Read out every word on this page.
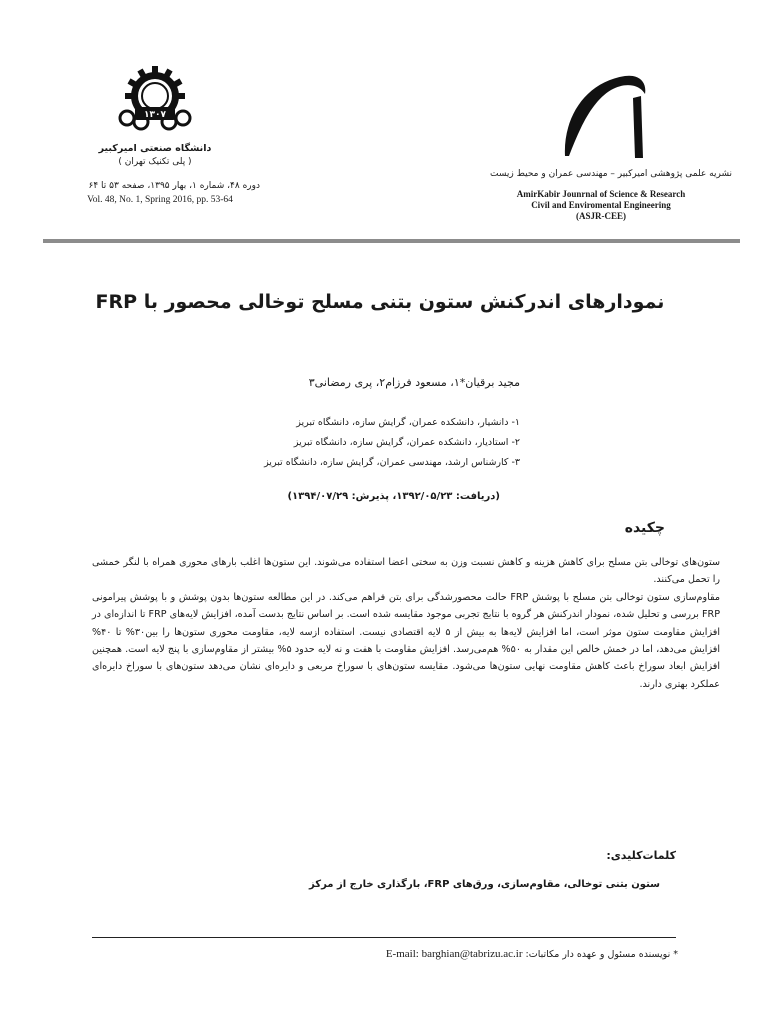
۱۳۰۷
دانشگاه صنعتی امیرکبیر
( پلی تکنیک تهران )
دوره ۴۸، شماره ۱، بهار ۱۳۹۵، صفحه ۵۳ تا ۶۴
Vol. 48, No. 1, Spring 2016, pp. 53-64
نشریه علمی پژوهشی امیرکبیر – مهندسی عمران و محیط زیست
AmirKabir Jounrnal of Science & Research
Civil and Enviromental Engineering
(ASJR-CEE)
نمودارهای اندرکنش ستون بتنی مسلح توخالی محصور با FRP
مجید برقیان*۱، مسعود فرزام۲، پری رمضانی۳
۱- دانشیار، دانشکده عمران، گرایش سازه، دانشگاه تبریز
۲- استادیار، دانشکده عمران، گرایش سازه، دانشگاه تبریز
۳- کارشناس ارشد، مهندسی عمران، گرایش سازه، دانشگاه تبریز
(دریافت: ۱۳۹۲/۰۵/۲۳، پذیرش: ۱۳۹۴/۰۷/۲۹)
چکیده

ستون‌های توخالی بتن مسلح برای کاهش هزینه و کاهش نسبت وزن به سختی اعضا استفاده می‌شوند. این ستون‌ها اغلب بارهای محوری همراه با لنگر خمشی را تحمل می‌کنند.

مقاوم‌سازی ستون توخالی بتن مسلح با پوشش FRP حالت محصورشدگی برای بتن فراهم می‌کند. در این مطالعه ستون‌ها بدون پوشش و با پوشش پیرامونی FRP بررسی و تحلیل شده، نمودار اندرکنش هر گروه با نتایج تجربی موجود مقایسه شده است. بر اساس نتایج بدست آمده، افزایش لایه‌های FRP تا اندازه‌ای در افزایش مقاومت ستون موثر است، اما افزایش لایه‌ها به بیش از ۵ لایه اقتصادی نیست. استفاده ازسه لایه، مقاومت محوری ستون‌ها را بین۳۰% تا ۴۰% افزایش می‌دهد، اما در خمش خالص این مقدار به ۵۰% هم‌می‌رسد. افزایش مقاومت با هفت و نه لایه حدود ۵% بیشتر از مقاوم‌سازی با پنج لایه است. همچنین افزایش ابعاد سوراخ باعث کاهش مقاومت نهایی ستون‌ها می‌شود. مقایسه ستون‌های با سوراخ مربعی و دایره‌ای نشان می‌دهد ستون‌های با سوراخ دایره‌ای عملکرد بهتری دارند.

کلمات‌کلیدی:
ستون بتنی توخالی، مقاوم‌سازی، ورق‌های FRP، بارگذاری خارج از مرکز
* نویسنده مسئول و عهده دار مکاتبات: E-mail: barghian@tabrizu.ac.ir
